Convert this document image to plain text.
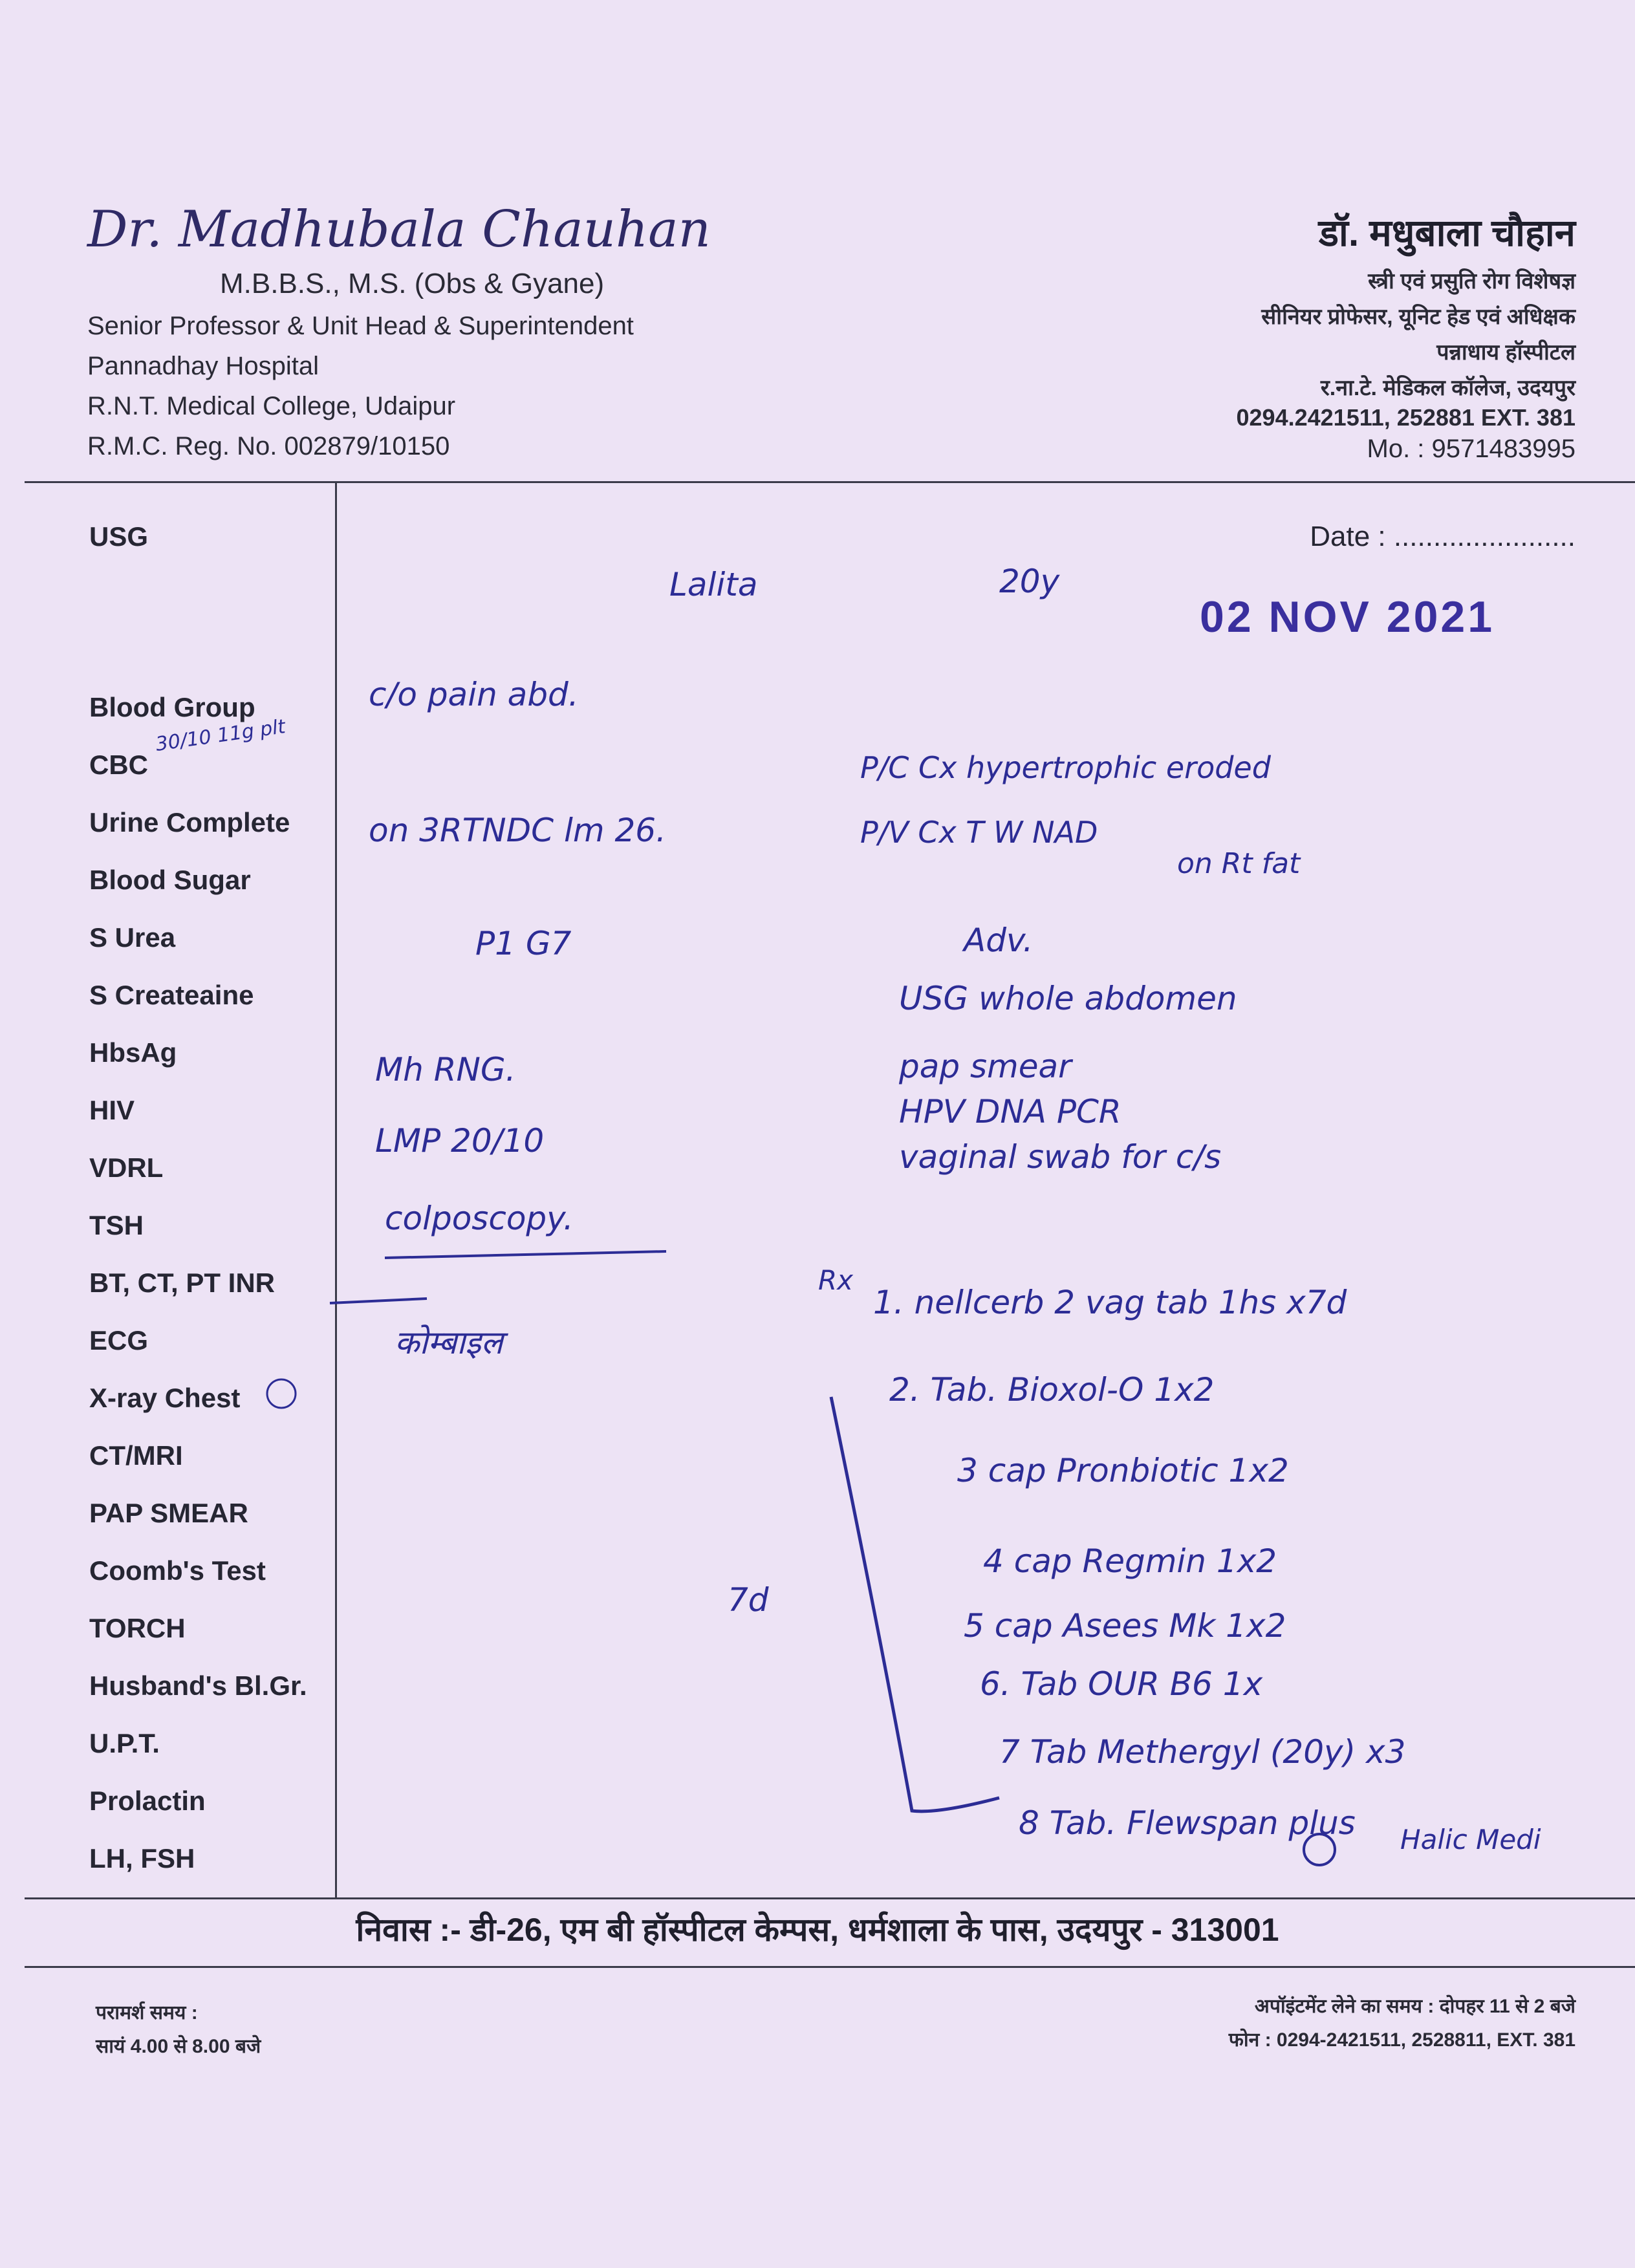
Dr. Madhubala Chauhan
M.B.B.S., M.S. (Obs & Gyane)
Senior Professor & Unit Head & Superintendent
Pannadhay Hospital
R.N.T. Medical College, Udaipur
R.M.C. Reg. No. 002879/10150
डॉ. मधुबाला चौहान
स्त्री एवं प्रसुति रोग विशेषज्ञ
सीनियर प्रोफेसर, यूनिट हेड एवं अधिक्षक
पन्नाधाय हॉस्पीटल
र.ना.टे. मेडिकल कॉलेज, उदयपुर
0294.2421511, 252881 EXT. 381
Mo. : 9571483995
USG
Blood Group
CBC
Urine Complete
Blood Sugar
S Urea
S Createaine
HbsAg
HIV
VDRL
TSH
BT, CT, PT INR
ECG
X-ray Chest
CT/MRI
PAP SMEAR
Coomb's Test
TORCH
Husband's Bl.Gr.
U.P.T.
Prolactin
LH, FSH
Date : .......................
02 NOV 2021
Lalita	20y
30/10 11g plt
c/o pain abd.
on 3RTNDC lm 26.
P1 G7
Mh RNG.
LMP 20/10
colposcopy.
कोम्बाइल
P/C Cx hypertrophic eroded
P/V Cx T W NAD
on Rt fat
Adv.
USG whole abdomen
pap smear
HPV DNA PCR
vaginal swab for c/s
Rx
1. nellcerb 2 vag tab 1hs x7d
2. Tab. Bioxol-O 1x2
3 cap Pronbiotic 1x2
4 cap Regmin 1x2
5 cap Asees Mk 1x2
6. Tab OUR B6 1x
7 Tab Methergyl (20y) x3
8 Tab. Flewspan plus
7d
Halic Medi
निवास :- डी-26, एम बी हॉस्पीटल केम्पस, धर्मशाला के पास, उदयपुर - 313001
परामर्श समय :
सायं 4.00 से 8.00 बजे
अपॉइंटमेंट लेने का समय : दोपहर 11 से 2 बजे
फोन : 0294-2421511, 2528811, EXT. 381
